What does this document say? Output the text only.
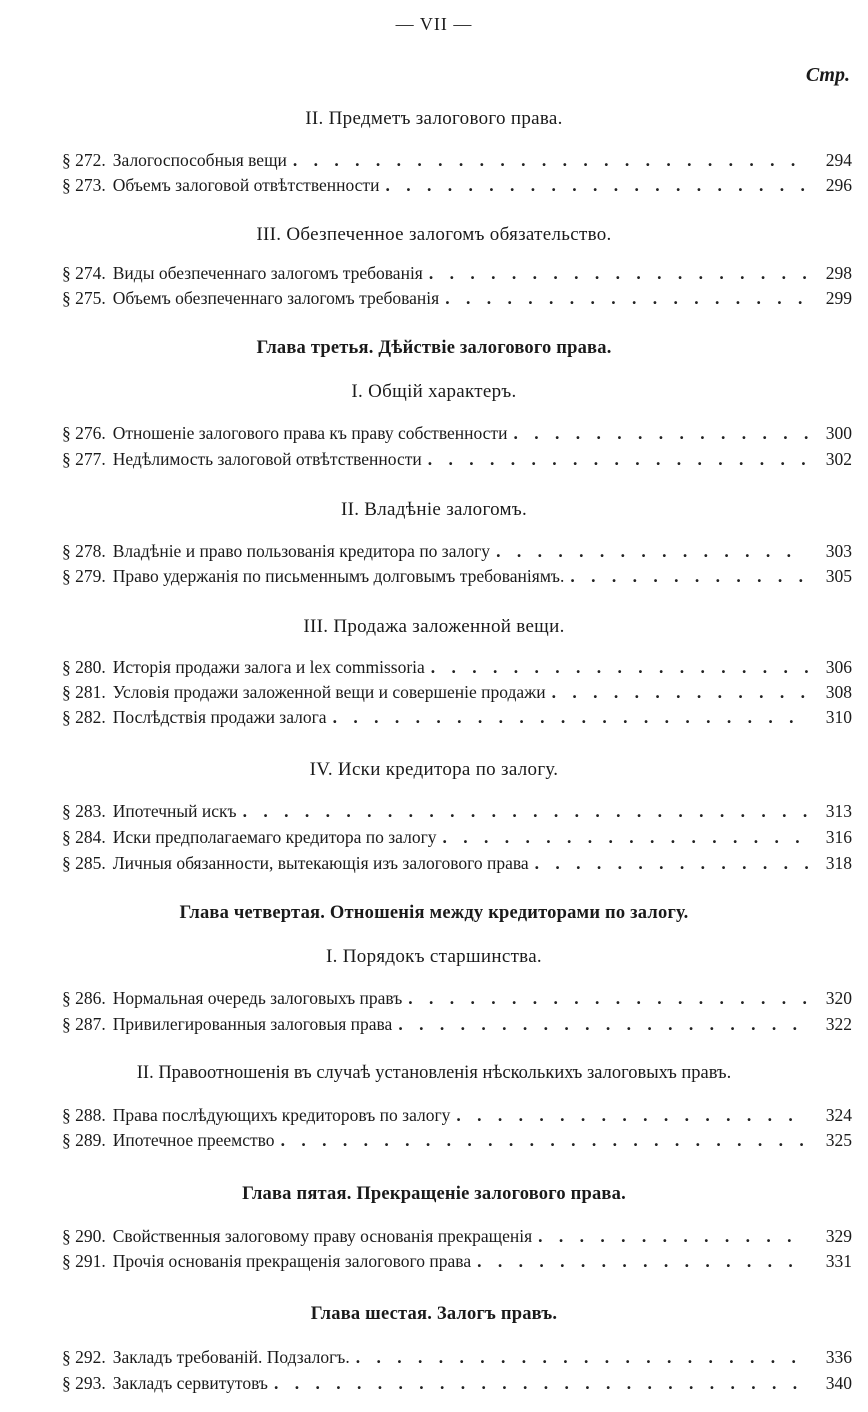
— VII —
Стр.
II. Предметъ залогового права.
§ 272. Залогоспособныя вещи . . .	294
§ 273. Объемъ залоговой отвѣтственности . . .	296
III. Обезпеченное залогомъ обязательство.
§ 274. Виды обезпеченнаго залогомъ требованія . . .	298
§ 275. Объемъ обезпеченнаго залогомъ требованія . . .	299
Глава третья. Дѣйствіе залогового права.
I. Общій характеръ.
§ 276. Отношеніе залогового права къ праву собственности . . .	300
§ 277. Недѣлимость залоговой отвѣтственности . . .	302
II. Владѣніе залогомъ.
§ 278. Владѣніе и право пользованія кредитора по залогу . . .	303
§ 279. Право удержанія по письменнымъ долговымъ требованіямъ. . . .	305
III. Продажа заложенной вещи.
§ 280. Исторія продажи залога и lex commissoria . . .	306
§ 281. Условія продажи заложенной вещи и совершеніе продажи . . .	308
§ 282. Послѣдствія продажи залога . . .	310
IV. Иски кредитора по залогу.
§ 283. Ипотечный искъ . . .	313
§ 284. Иски предполагаемаго кредитора по залогу . . .	316
§ 285. Личныя обязанности, вытекающія изъ залогового права . . .	318
Глава четвертая. Отношенія между кредиторами по залогу.
I. Порядокъ старшинства.
§ 286. Нормальная очередь залоговыхъ правъ . . .	320
§ 287. Привилегированныя залоговыя права . . .	322
II. Правоотношенія въ случаѣ установленія нѣсколькихъ залоговыхъ правъ.
§ 288. Права послѣдующихъ кредиторовъ по залогу . . .	324
§ 289. Ипотечное преемство . . .	325
Глава пятая. Прекращеніе залогового права.
§ 290. Свойственныя залоговому праву основанія прекращенія . . .	329
§ 291. Прочія основанія прекращенія залогового права . . .	331
Глава шестая. Залогъ правъ.
§ 292. Закладъ требованій. Подзалогъ. . . .	336
§ 293. Закладъ сервитутовъ . . .	340
